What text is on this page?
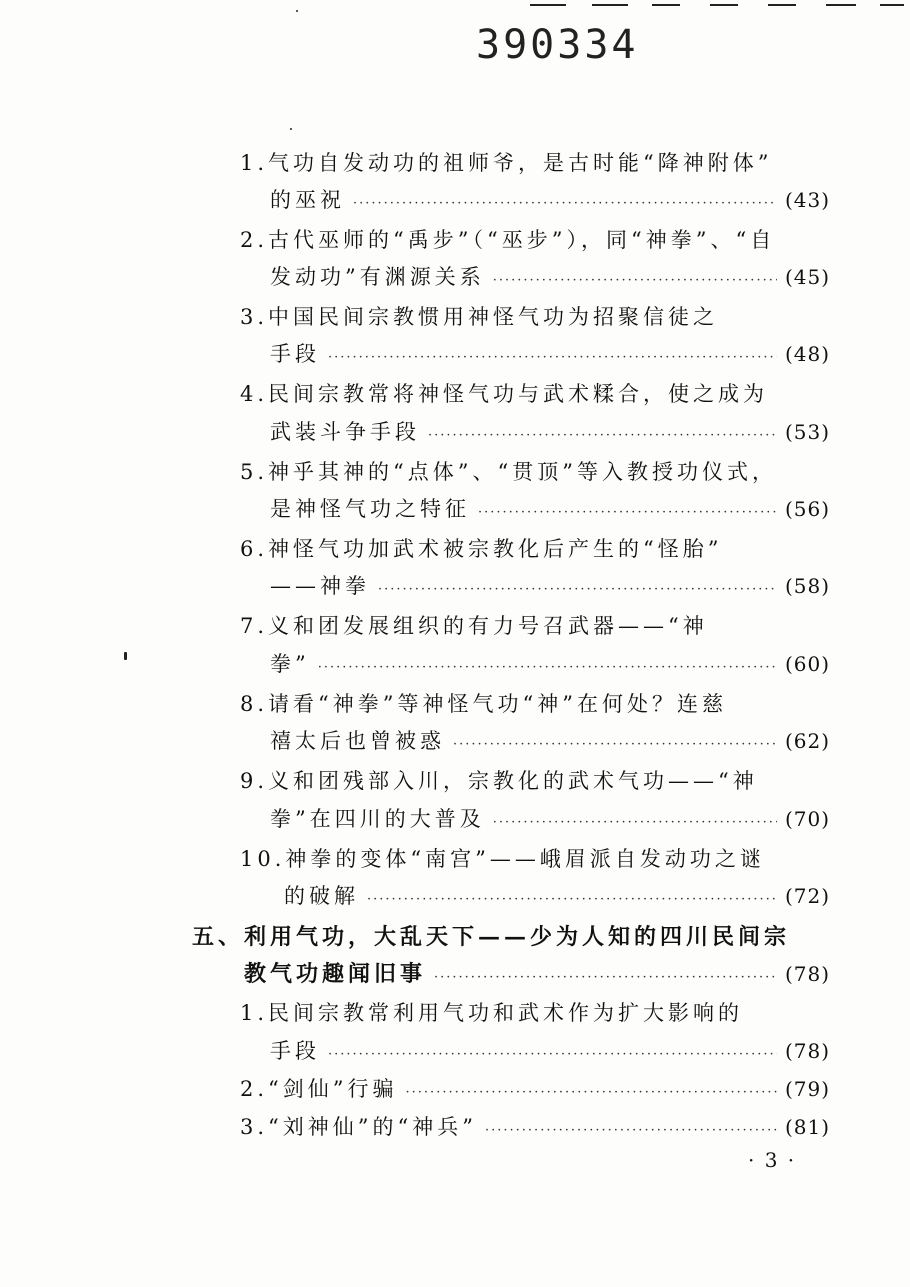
390334
1. 气功自发动功的祖师爷，是古时能“降神附体”
的巫祝 ·····	(43)
2. 古代巫师的“禹步”（“巫步”），同“神拳”、“自
发动功”有渊源关系 ·····	(45)
3. 中国民间宗教惯用神怪气功为招聚信徒之
手段 ·····	(48)
4. 民间宗教常将神怪气功与武术糅合，使之成为
武装斗争手段 ·····	(53)
5. 神乎其神的“点体”、“贯顶”等入教授功仪式，
是神怪气功之特征 ·····	(56)
6. 神怪气功加武术被宗教化后产生的“怪胎”
——神拳 ·····	(58)
7. 义和团发展组织的有力号召武器——“神
拳” ·····	(60)
8. 请看“神拳”等神怪气功“神”在何处？连慈
禧太后也曾被惑 ·····	(62)
9. 义和团残部入川，宗教化的武术气功——“神
拳”在四川的大普及 ·····	(70)
10. 神拳的变体“南宫”——峨眉派自发动功之谜
的破解 ·····	(72)
五、 利用气功，大乱天下——少为人知的四川民间宗
教气功趣闻旧事 ·····	(78)
1. 民间宗教常利用气功和武术作为扩大影响的
手段 ·····	(78)
2. “剑仙”行骗 ·····	(79)
3. “刘神仙”的“神兵” ·····	(81)
· 3 ·
